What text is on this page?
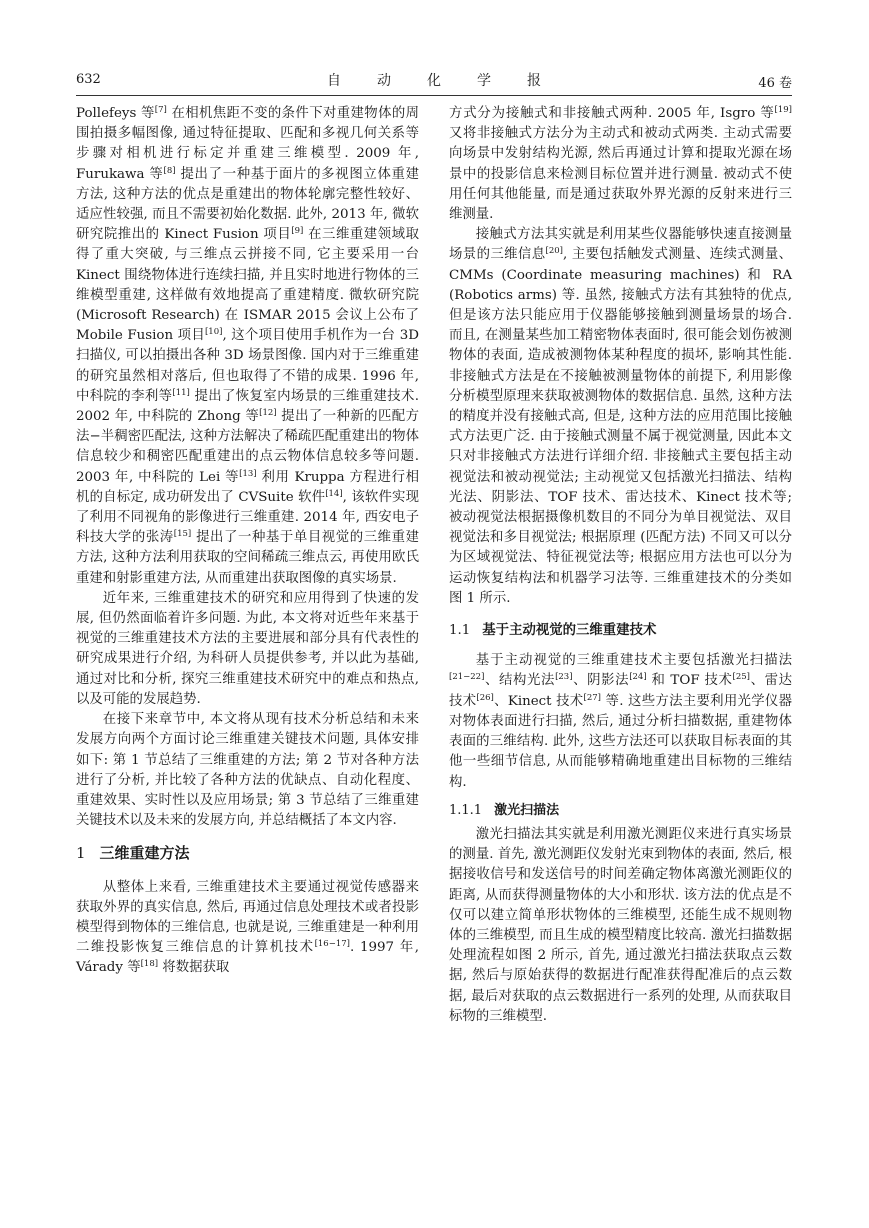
632	自动化学报	46 卷

Pollefeys 等[7] 在相机焦距不变的条件下对重建物体的周围拍摄多幅图像, 通过特征提取、匹配和多视几何关系等步骤对相机进行标定并重建三维模型. 2009 年, Furukawa 等[8] 提出了一种基于面片的多视图立体重建方法, 这种方法的优点是重建出的物体轮廓完整性较好、适应性较强, 而且不需要初始化数据. 此外, 2013 年, 微软研究院推出的 Kinect Fusion 项目[9] 在三维重建领域取得了重大突破, 与三维点云拼接不同, 它主要采用一台 Kinect 围绕物体进行连续扫描, 并且实时地进行物体的三维模型重建, 这样做有效地提高了重建精度. 微软研究院 (Microsoft Research) 在 ISMAR 2015 会议上公布了 Mobile Fusion 项目[10], 这个项目使用手机作为一台 3D 扫描仪, 可以拍摄出各种 3D 场景图像. 国内对于三维重建的研究虽然相对落后, 但也取得了不错的成果. 1996 年, 中科院的李利等[11] 提出了恢复室内场景的三维重建技术. 2002 年, 中科院的 Zhong 等[12] 提出了一种新的匹配方法−半稠密匹配法, 这种方法解决了稀疏匹配重建出的物体信息较少和稠密匹配重建出的点云物体信息较多等问题. 2003 年, 中科院的 Lei 等[13] 利用 Kruppa 方程进行相机的自标定, 成功研发出了 CVSuite 软件[14], 该软件实现了利用不同视角的影像进行三维重建. 2014 年, 西安电子科技大学的张涛[15] 提出了一种基于单目视觉的三维重建方法, 这种方法利用获取的空间稀疏三维点云, 再使用欧氏重建和射影重建方法, 从而重建出获取图像的真实场景.

近年来, 三维重建技术的研究和应用得到了快速的发展, 但仍然面临着许多问题. 为此, 本文将对近些年来基于视觉的三维重建技术方法的主要进展和部分具有代表性的研究成果进行介绍, 为科研人员提供参考, 并以此为基础, 通过对比和分析, 探究三维重建技术研究中的难点和热点, 以及可能的发展趋势.

在接下来章节中, 本文将从现有技术分析总结和未来发展方向两个方面讨论三维重建关键技术问题, 具体安排如下: 第 1 节总结了三维重建的方法; 第 2 节对各种方法进行了分析, 并比较了各种方法的优缺点、自动化程度、重建效果、实时性以及应用场景; 第 3 节总结了三维重建关键技术以及未来的发展方向, 并总结概括了本文内容.

1 三维重建方法

从整体上来看, 三维重建技术主要通过视觉传感器来获取外界的真实信息, 然后, 再通过信息处理技术或者投影模型得到物体的三维信息, 也就是说, 三维重建是一种利用二维投影恢复三维信息的计算机技术[16−17]. 1997 年, Várady 等[18] 将数据获取

方式分为接触式和非接触式两种. 2005 年, Isgro 等[19] 又将非接触式方法分为主动式和被动式两类. 主动式需要向场景中发射结构光源, 然后再通过计算和提取光源在场景中的投影信息来检测目标位置并进行测量. 被动式不使用任何其他能量, 而是通过获取外界光源的反射来进行三维测量.

接触式方法其实就是利用某些仪器能够快速直接测量场景的三维信息[20], 主要包括触发式测量、连续式测量、CMMs (Coordinate measuring machines) 和 RA (Robotics arms) 等. 虽然, 接触式方法有其独特的优点, 但是该方法只能应用于仪器能够接触到测量场景的场合. 而且, 在测量某些加工精密物体表面时, 很可能会划伤被测物体的表面, 造成被测物体某种程度的损坏, 影响其性能. 非接触式方法是在不接触被测量物体的前提下, 利用影像分析模型原理来获取被测物体的数据信息. 虽然, 这种方法的精度并没有接触式高, 但是, 这种方法的应用范围比接触式方法更广泛. 由于接触式测量不属于视觉测量, 因此本文只对非接触式方法进行详细介绍. 非接触式主要包括主动视觉法和被动视觉法; 主动视觉又包括激光扫描法、结构光法、阴影法、TOF 技术、雷达技术、Kinect 技术等; 被动视觉法根据摄像机数目的不同分为单目视觉法、双目视觉法和多目视觉法; 根据原理 (匹配方法) 不同又可以分为区域视觉法、特征视觉法等; 根据应用方法也可以分为运动恢复结构法和机器学习法等. 三维重建技术的分类如图 1 所示.

1.1 基于主动视觉的三维重建技术

基于主动视觉的三维重建技术主要包括激光扫描法[21−22]、结构光法[23]、阴影法[24] 和 TOF 技术[25]、雷达技术[26]、Kinect 技术[27] 等. 这些方法主要利用光学仪器对物体表面进行扫描, 然后, 通过分析扫描数据, 重建物体表面的三维结构. 此外, 这些方法还可以获取目标表面的其他一些细节信息, 从而能够精确地重建出目标物的三维结构.

1.1.1 激光扫描法

激光扫描法其实就是利用激光测距仪来进行真实场景的测量. 首先, 激光测距仪发射光束到物体的表面, 然后, 根据接收信号和发送信号的时间差确定物体离激光测距仪的距离, 从而获得测量物体的大小和形状. 该方法的优点是不仅可以建立简单形状物体的三维模型, 还能生成不规则物体的三维模型, 而且生成的模型精度比较高. 激光扫描数据处理流程如图 2 所示, 首先, 通过激光扫描法获取点云数据, 然后与原始获得的数据进行配准获得配准后的点云数据, 最后对获取的点云数据进行一系列的处理, 从而获取目标物的三维模型.
